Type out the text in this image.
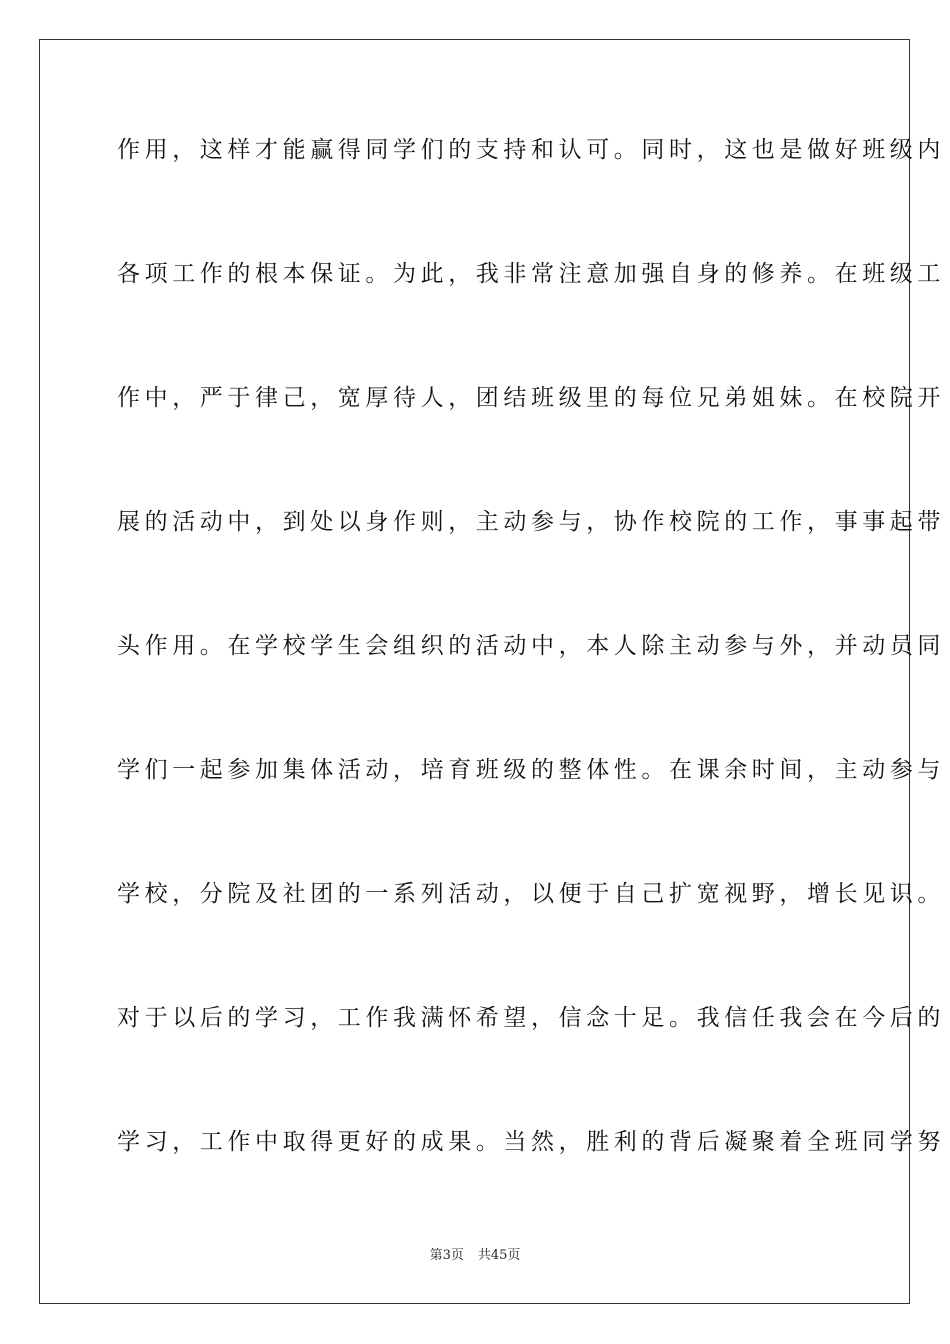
作用，这样才能赢得同学们的支持和认可。同时，这也是做好班级内
各项工作的根本保证。为此，我非常注意加强自身的修养。在班级工
作中，严于律己，宽厚待人，团结班级里的每位兄弟姐妹。在校院开
展的活动中，到处以身作则，主动参与，协作校院的工作，事事起带
头作用。在学校学生会组织的活动中，本人除主动参与外，并动员同
学们一起参加集体活动，培育班级的整体性。在课余时间，主动参与
学校，分院及社团的一系列活动，以便于自己扩宽视野，增长见识。
对于以后的学习，工作我满怀希望，信念十足。我信任我会在今后的
学习，工作中取得更好的成果。当然，胜利的背后凝聚着全班同学努
第3页 共45页
